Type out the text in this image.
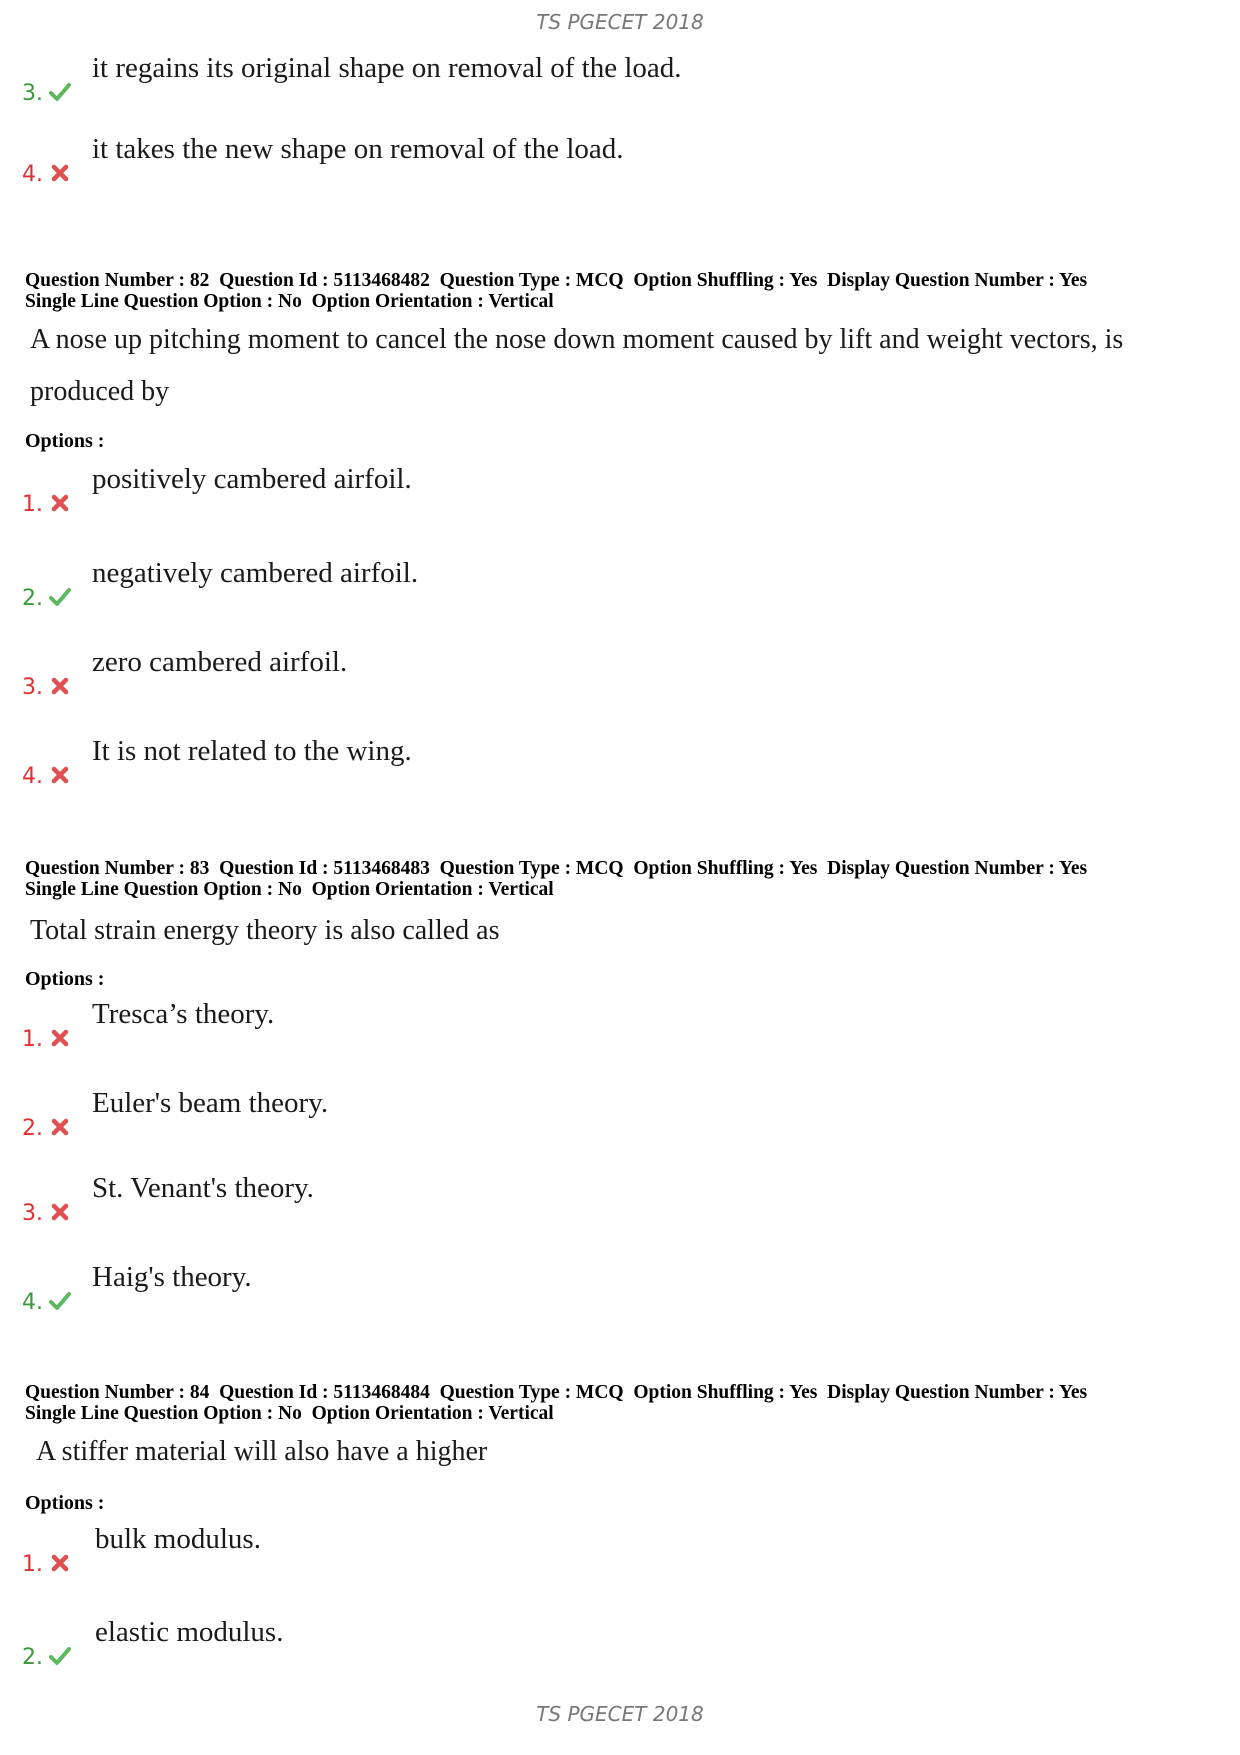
TS PGECET 2018
3.
it regains its original shape on removal of the load.
4.
it takes the new shape on removal of the load.
Question Number : 82  Question Id : 5113468482  Question Type : MCQ  Option Shuffling : Yes  Display Question Number : Yes
Single Line Question Option : No  Option Orientation : Vertical
A nose up pitching moment to cancel the nose down moment caused by lift and weight vectors, is produced by
Options :
1.
positively cambered airfoil.
2.
negatively cambered airfoil.
3.
zero cambered airfoil.
4.
It is not related to the wing.
Question Number : 83  Question Id : 5113468483  Question Type : MCQ  Option Shuffling : Yes  Display Question Number : Yes
Single Line Question Option : No  Option Orientation : Vertical
Total strain energy theory is also called as
Options :
1.
Tresca’s theory.
2.
Euler's beam theory.
3.
St. Venant's theory.
4.
Haig's theory.
Question Number : 84  Question Id : 5113468484  Question Type : MCQ  Option Shuffling : Yes  Display Question Number : Yes
Single Line Question Option : No  Option Orientation : Vertical
A stiffer material will also have a higher
Options :
1.
bulk modulus.
2.
elastic modulus.
TS PGECET 2018
